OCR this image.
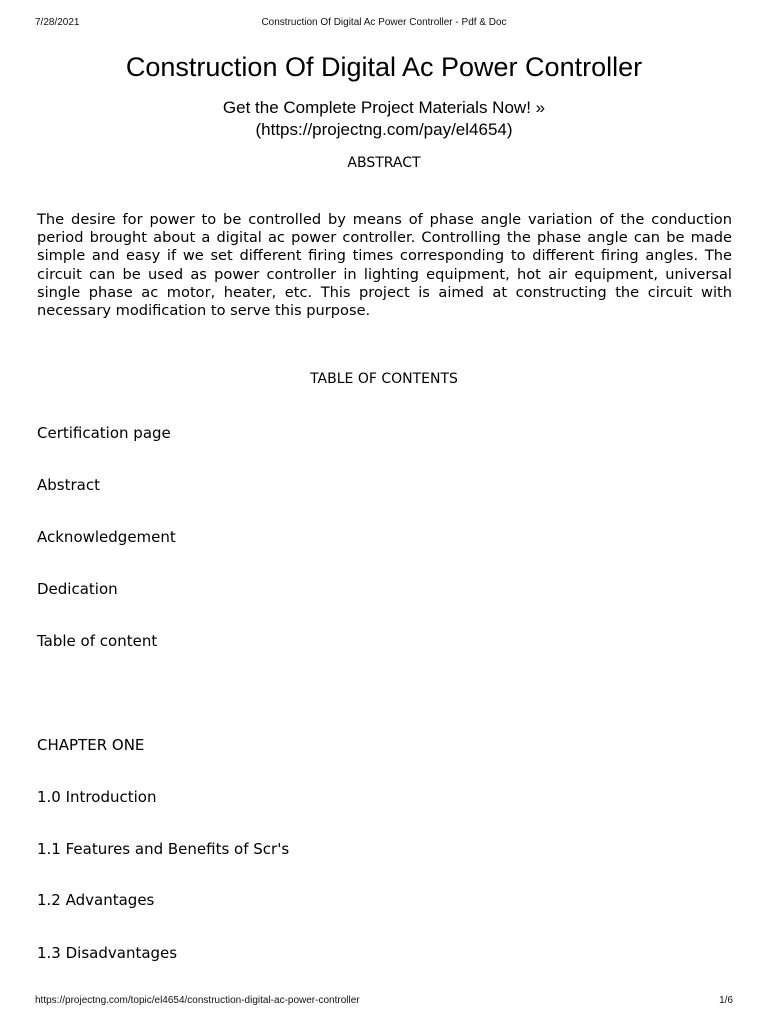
Construction Of Digital Ac Power Controller - Pdf & Doc
7/28/2021
Construction Of Digital Ac Power Controller
Get the Complete Project Materials Now! »
(https://projectng.com/pay/el4654)
ABSTRACT

The desire for power to be controlled by means of phase angle variation of the conduction period brought about a digital ac power controller. Controlling the phase angle can be made simple and easy if we set different firing times corresponding to different firing angles. The circuit can be used as power controller in lighting equipment, hot air equipment, universal single phase ac motor, heater, etc. This project is aimed at constructing the circuit with necessary modification to serve this purpose.

TABLE OF CONTENTS
Certification page
Abstract
Acknowledgement
Dedication
Table of content
CHAPTER ONE
1.0 Introduction
1.1 Features and Benefits of Scr's
1.2 Advantages
1.3 Disadvantages
https://projectng.com/topic/el4654/construction-digital-ac-power-controller	1/6
